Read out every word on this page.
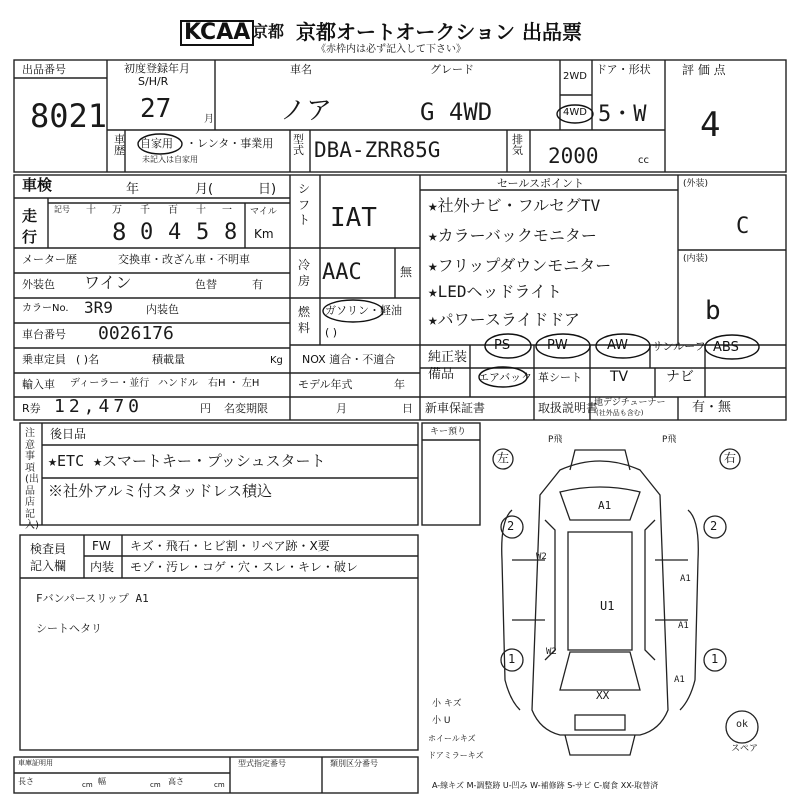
KCAA 京都 京都オートオークション 出品票
《赤枠内は必ず記入して下さい》
出品番号
8021
初度登録年月
S/H/R
27	月
車名
ノア
グレード
G 4WD
2WD
4WD
ドア・形状
5・W
評 価 点
4
車歴
自家用 ・レンタ・事業用
未記入は自家用
型式 DBA-ZRR85G	排気 2000	cc
車検	年	月(	日)
走行
記号 十 万 千 百 十 一 マイル
Km
8 0 4 5 8
メーター歴	交換車・改ざん車・不明車
外装色 ワイン	色替	有
カラーNo. 3R9	内装色
車台番号 0026176
乗車定員 ( )名	積載量	Kg
輸入車 ディーラー・並行 ハンドル 右H ・ 左H
R券 12,470	円 名変期限	月	日
シフト IAT
冷房 AAC	無
燃料
ガソリン・軽油
( )
NOX 適合・不適合
モデル年式	年
セールスポイント
★社外ナビ・フルセグTV
★カラーバックモニター
★フリップダウンモニター
★LEDヘッドライト
★パワースライドドア
(外装)
C
(内装)
b
純正装備品
PS	PW	AW サンルーフ ABS
エアバック 革シート TV	ナビ
新車保証書	取扱説明書
地デジチューナー
(社外品も含む)	有・無
注意事項(出品店記入)
後日品
★ETC ★スマートキー・プッシュスタート
※社外アルミ付スタッドレス積込
キー預り
検査員記入欄
FW キズ・飛石・ヒビ割・リペア跡・X要
内装 モゾ・汚レ・コゲ・穴・スレ・キレ・破レ
Fバンパースリップ A1
シートヘタリ
左	右
P飛	P飛
A1
2	2
W2
A1
U1
A1
1	1
W2
XX
A1
ok
スペア
小 キズ
小 U
ホイールキズ
ドアミラーキズ
A-線キズ M-調整跡 U-凹み W-補修跡 S-サビ C-腐食 XX-取替済
車庫証明用
長さ	幅	高さ
cm	cm	cm
型式指定番号	類別区分番号
